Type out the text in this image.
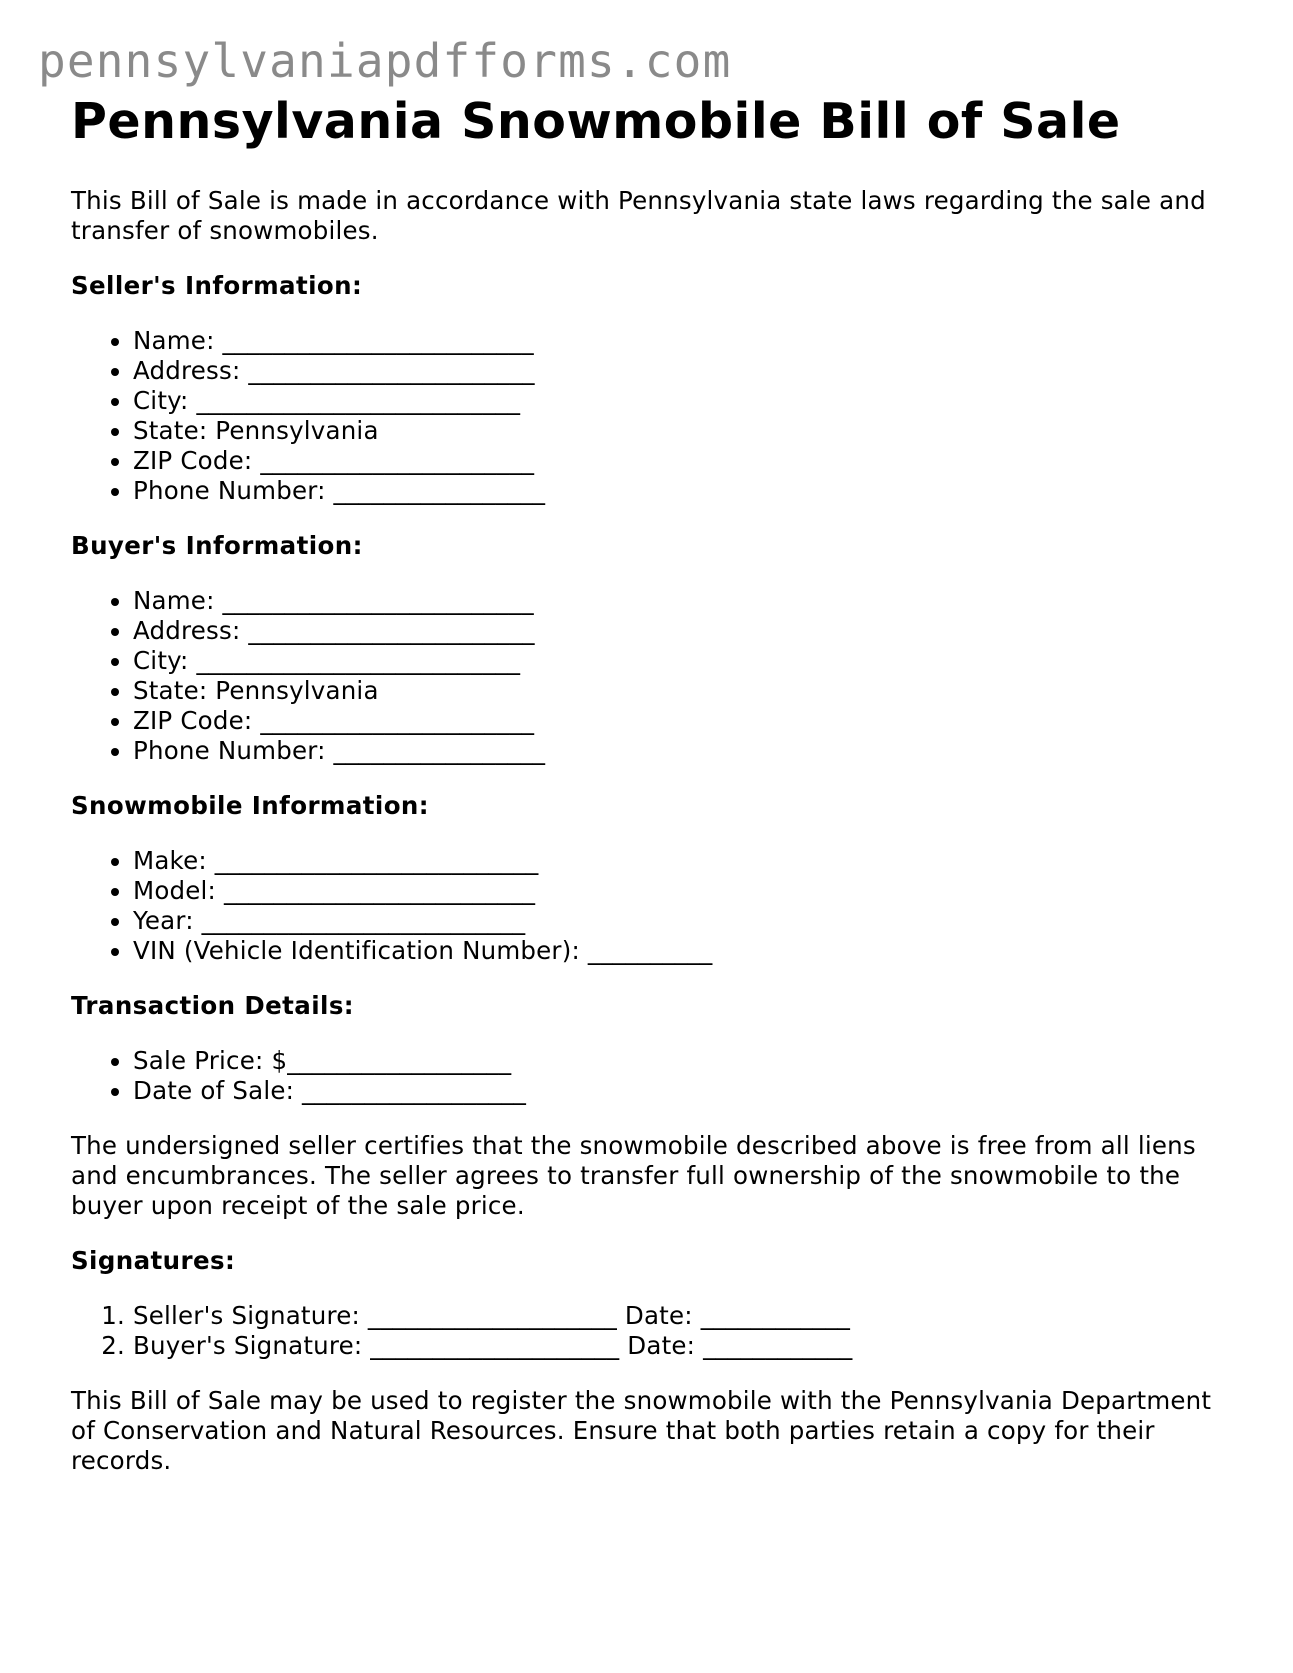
pennsylvaniapdfforms.com
Pennsylvania Snowmobile Bill of Sale

This Bill of Sale is made in accordance with Pennsylvania state laws regarding the sale and transfer of snowmobiles.

Seller's Information:
• Name: _________________________
• Address: _______________________
• City: __________________________
• State: Pennsylvania
• ZIP Code: ______________________
• Phone Number: _________________
Buyer's Information:
• Name: _________________________
• Address: _______________________
• City: __________________________
• State: Pennsylvania
• ZIP Code: ______________________
• Phone Number: _________________
Snowmobile Information:
• Make: __________________________
• Model: _________________________
• Year: __________________________
• VIN (Vehicle Identification Number): __________
Transaction Details:
• Sale Price: $__________________
• Date of Sale: __________________

The undersigned seller certifies that the snowmobile described above is free from all liens and encumbrances. The seller agrees to transfer full ownership of the snowmobile to the buyer upon receipt of the sale price.

Signatures:
1. Seller's Signature: ____________________ Date: ____________
2. Buyer's Signature: ____________________ Date: ____________

This Bill of Sale may be used to register the snowmobile with the Pennsylvania Department of Conservation and Natural Resources. Ensure that both parties retain a copy for their records.
